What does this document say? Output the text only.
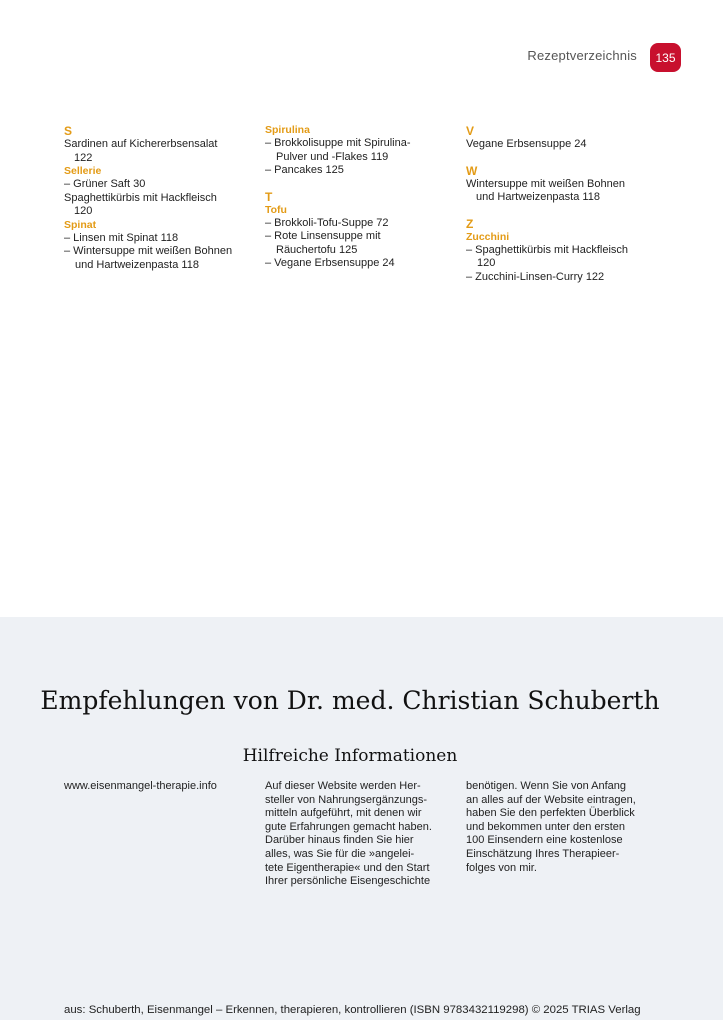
Rezeptverzeichnis	135
S
Sardinen auf Kichererbsensalat
122
Sellerie
– Grüner Saft 30
Spaghettikürbis mit Hackfleisch
120
Spinat
– Linsen mit Spinat 118
– Wintersuppe mit weißen Bohnen
und Hartweizenpasta 118
Spirulina
– Brokkolisuppe mit Spirulina-
Pulver und -Flakes 119
– Pancakes 125
T
Tofu
– Brokkoli-Tofu-Suppe 72
– Rote Linsensuppe mit
Räuchertofu 125
– Vegane Erbsensuppe 24
V
Vegane Erbsensuppe 24
W
Wintersuppe mit weißen Bohnen
und Hartweizenpasta 118
Z
Zucchini
– Spaghettikürbis mit Hackfleisch
120
– Zucchini-Linsen-Curry 122
Empfehlungen von Dr. med. Christian Schuberth
Hilfreiche Informationen
www.eisenmangel-therapie.info	Auf dieser Website werden Her-
steller von Nahrungsergänzungs-
mitteln aufgeführt, mit denen wir
gute Erfahrungen gemacht haben.
Darüber hinaus finden Sie hier
alles, was Sie für die »angelei-
tete Eigentherapie« und den Start
Ihrer persönliche Eisengeschichte
benötigen. Wenn Sie von Anfang
an alles auf der Website eintragen,
haben Sie den perfekten Überblick
und bekommen unter den ersten
100 Einsendern eine kostenlose
Einschätzung Ihres Therapieer-
folges von mir.
aus: Schuberth, Eisenmangel – Erkennen, therapieren, kontrollieren (ISBN 9783432119298) © 2025 TRIAS Verlag
